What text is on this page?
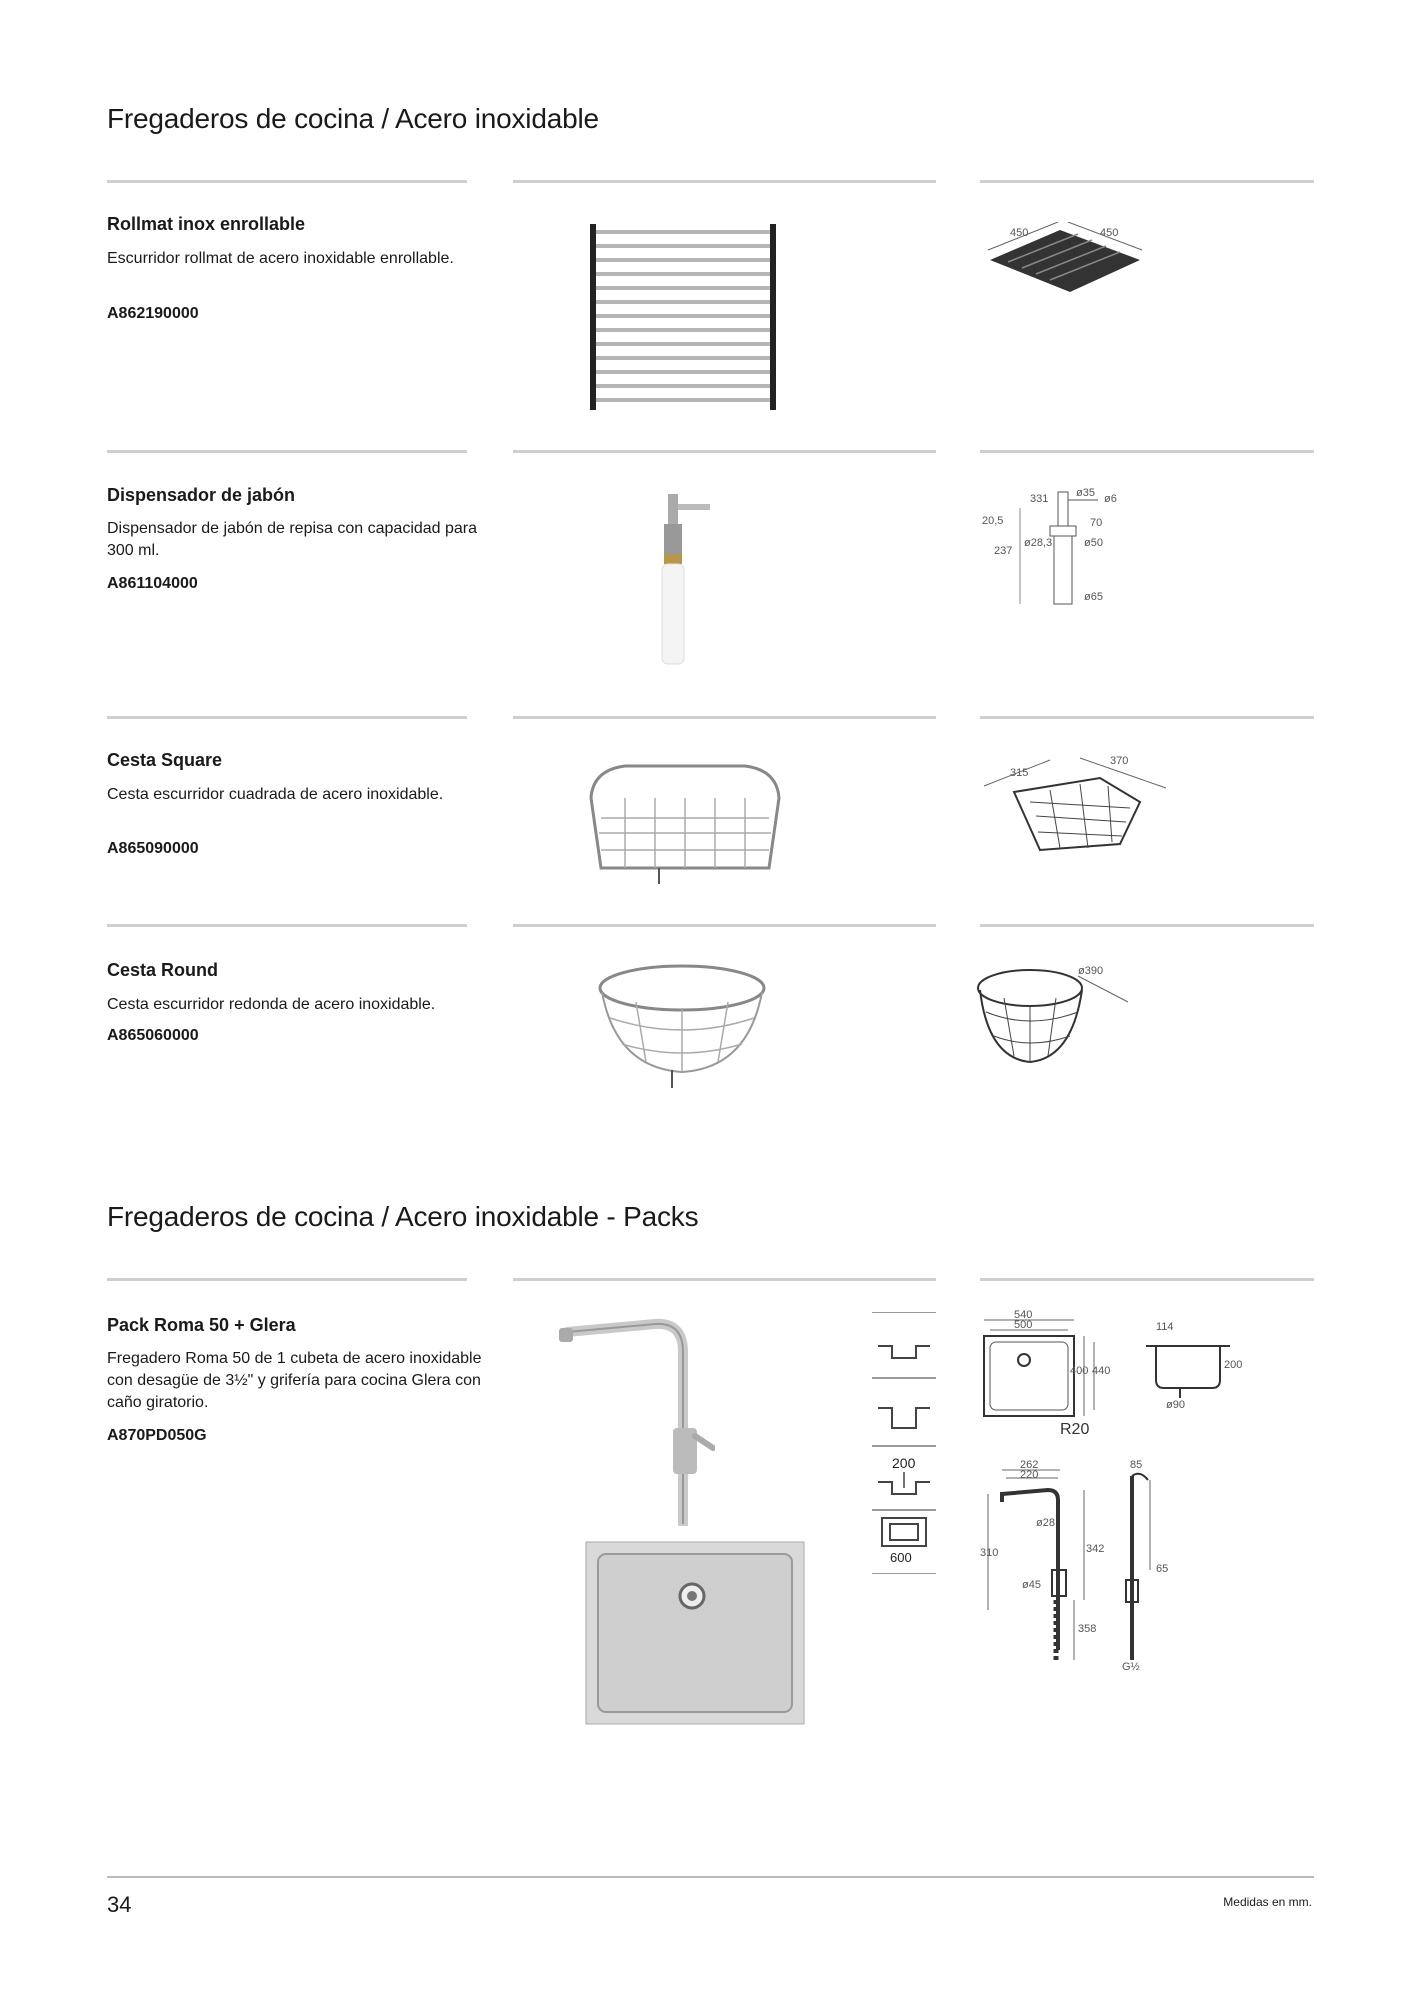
Fregaderos de cocina / Acero inoxidable

Rollmat inox enrollable

Escurridor rollmat de acero inoxidable enrollable.

A862190000

450	450

Dispensador de jabón

Dispensador de jabón de repisa con capacidad para 300 ml.

A861104000

331	ø35 ø6
20,5	70
237
ø28,3	ø50
ø65

Cesta Square

Cesta escurridor cuadrada de acero inoxidable.

A865090000

315
370

Cesta Round

Cesta escurridor redonda de acero inoxidable.

A865060000

ø390
Fregaderos de cocina / Acero inoxidable - Packs

Pack Roma 50 + Glera

Fregadero Roma 50 de 1 cubeta de acero inoxidable con desagüe de 3½" y grifería para cocina Glera con caño giratorio.

A870PD050G

200
600
540
500
400 440
R20
114
200
ø90
262
220
ø28
310	342
ø45
358
85
65
G½
34	Medidas en mm.
